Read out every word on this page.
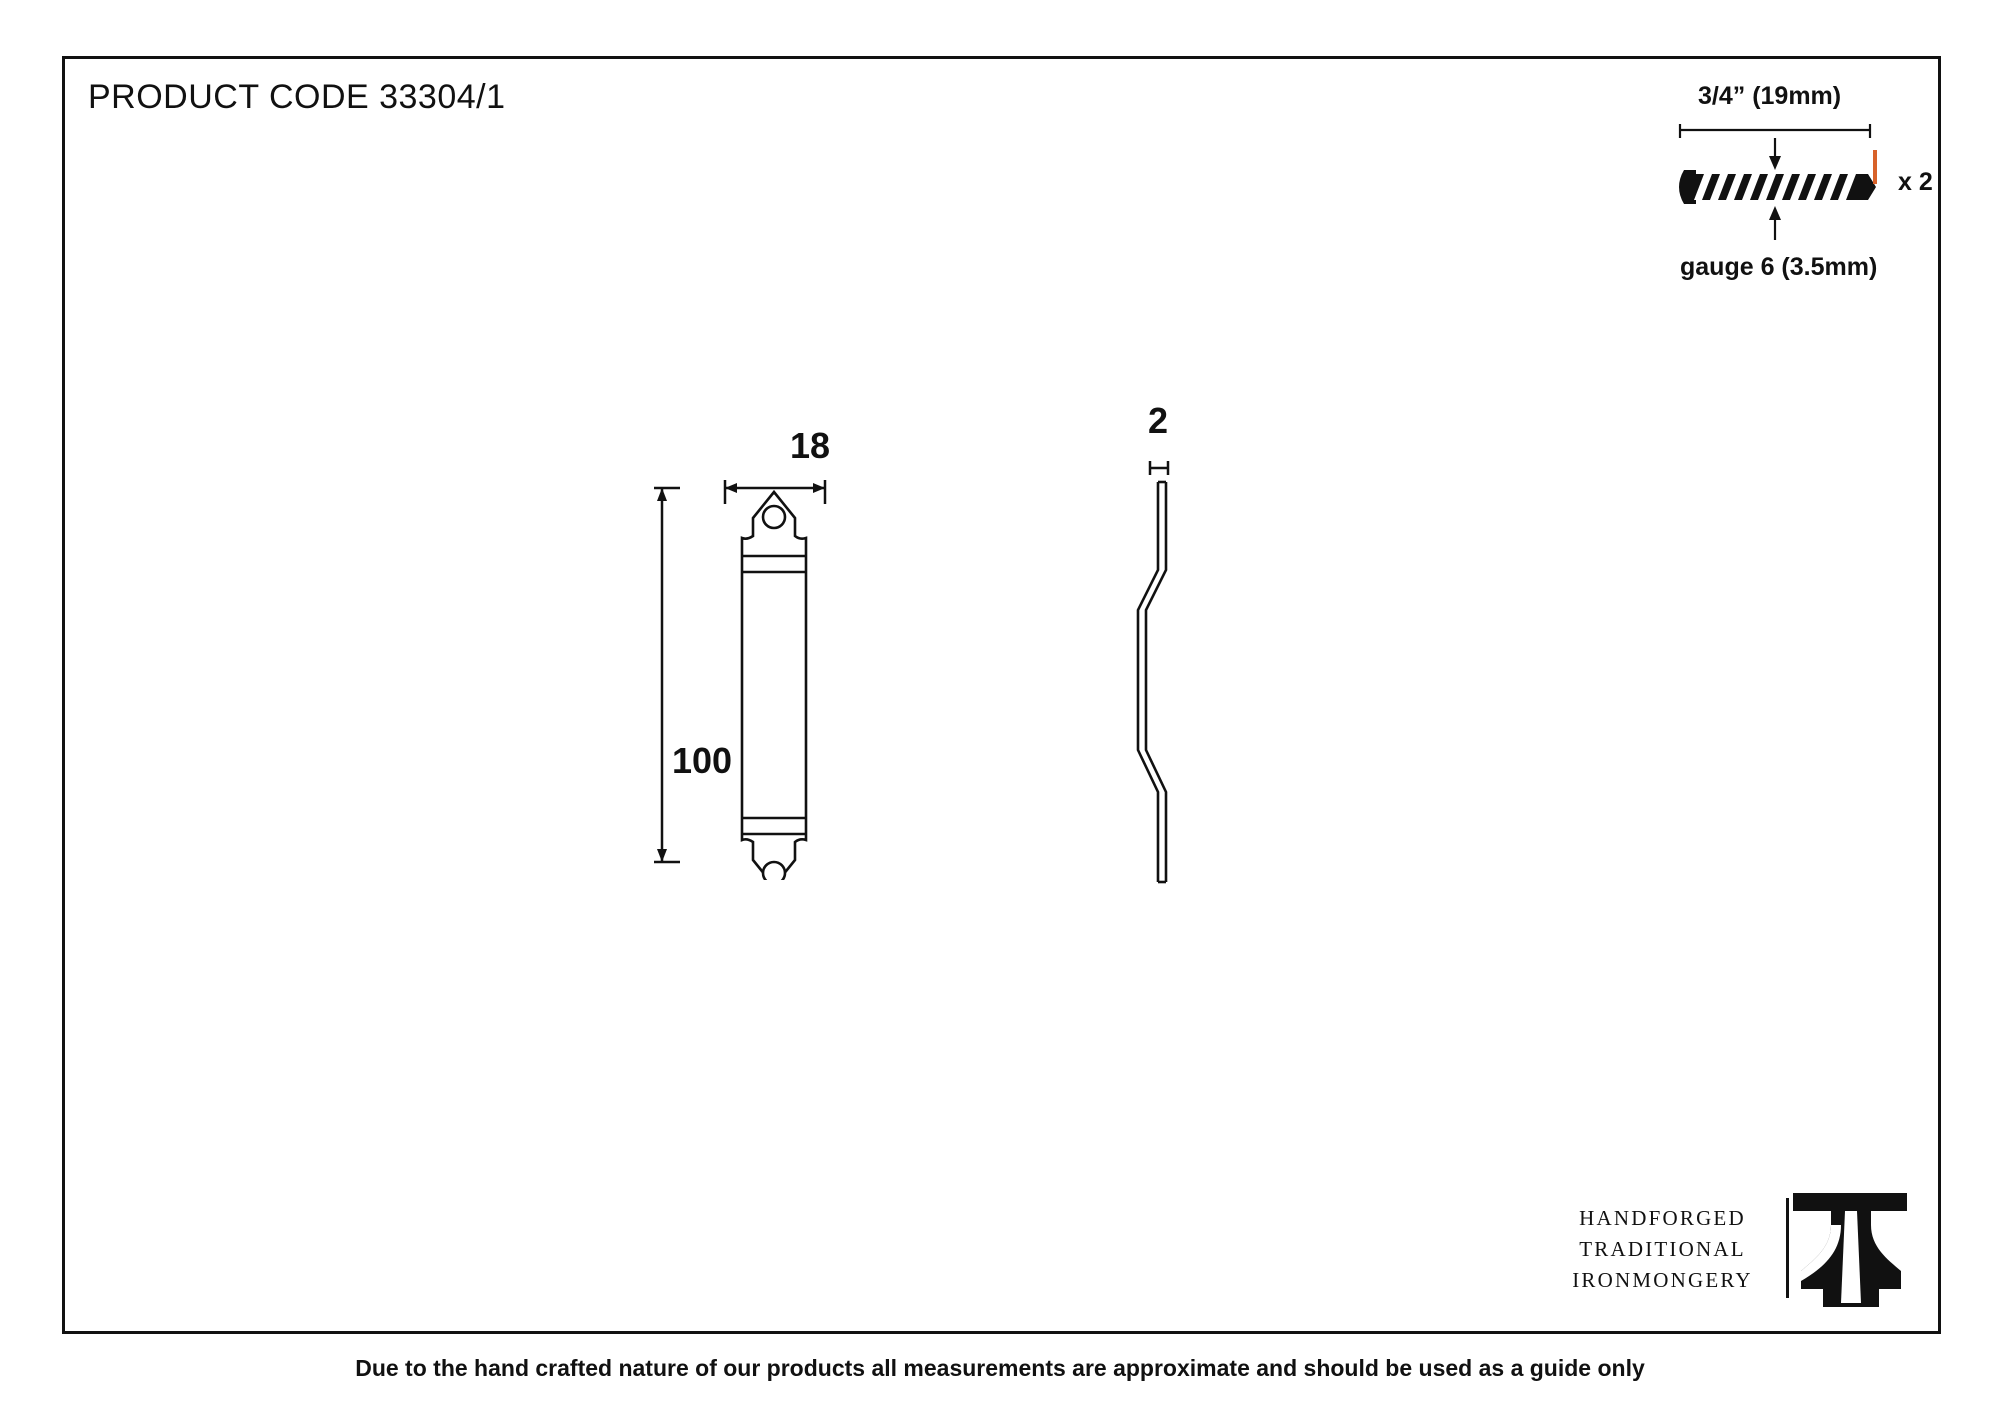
PRODUCT CODE 33304/1
18
100
2
3/4” (19mm)
gauge 6 (3.5mm)
x 2
HANDFORGED
TRADITIONAL
IRONMONGERY
Due to the hand crafted nature of our products all measurements are approximate and should be used as a guide only
